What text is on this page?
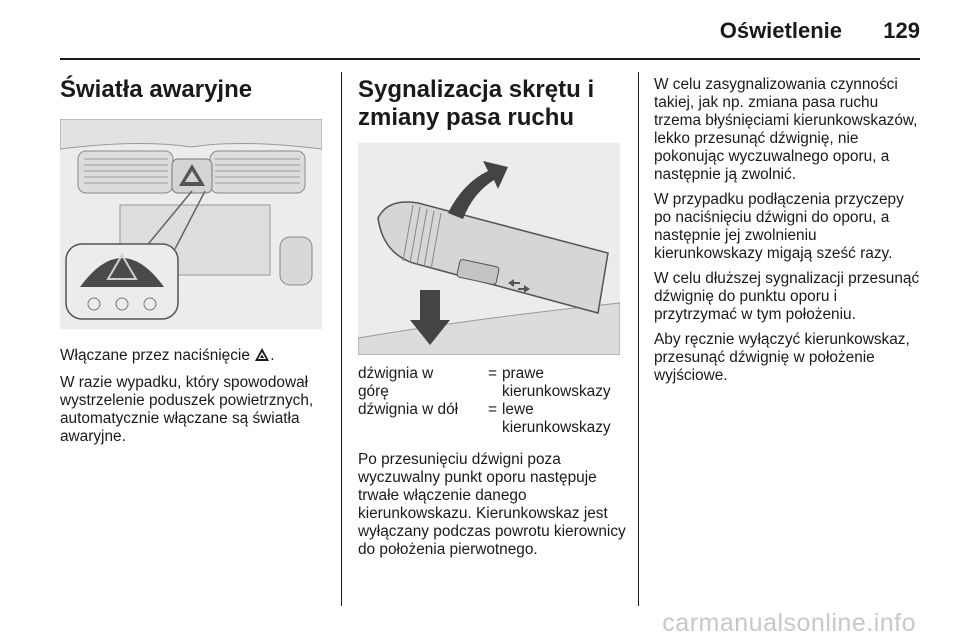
Oświetlenie 129
Światła awaryjne

Włączane przez naciśnięcie .

W razie wypadku, który spowodował wystrzelenie poduszek powietrznych, automatycznie włączane są światła awaryjne.

Sygnalizacja skrętu i
zmiany pasa ruchu
dźwignia w
górę	=	prawe
kierunkowskazy
dźwignia w dół	=	lewe
kierunkowskazy

Po przesunięciu dźwigni poza wyczuwalny punkt oporu następuje trwałe włączenie danego kierunkowskazu. Kierunkowskaz jest wyłączany podczas powrotu kierownicy do położenia pierwotnego.

W celu zasygnalizowania czynności takiej, jak np. zmiana pasa ruchu trzema błyśnięciami kierunkowskazów, lekko przesunąć dźwignię, nie pokonując wyczuwalnego oporu, a następnie ją zwolnić.

W przypadku podłączenia przyczepy po naciśnięciu dźwigni do oporu, a następnie jej zwolnieniu kierunkowskazy migają sześć razy.

W celu dłuższej sygnalizacji przesunąć dźwignię do punktu oporu i przytrzymać w tym położeniu.

Aby ręcznie wyłączyć kierunkowskaz, przesunąć dźwignię w położenie wyjściowe.

carmanualsonline.info
